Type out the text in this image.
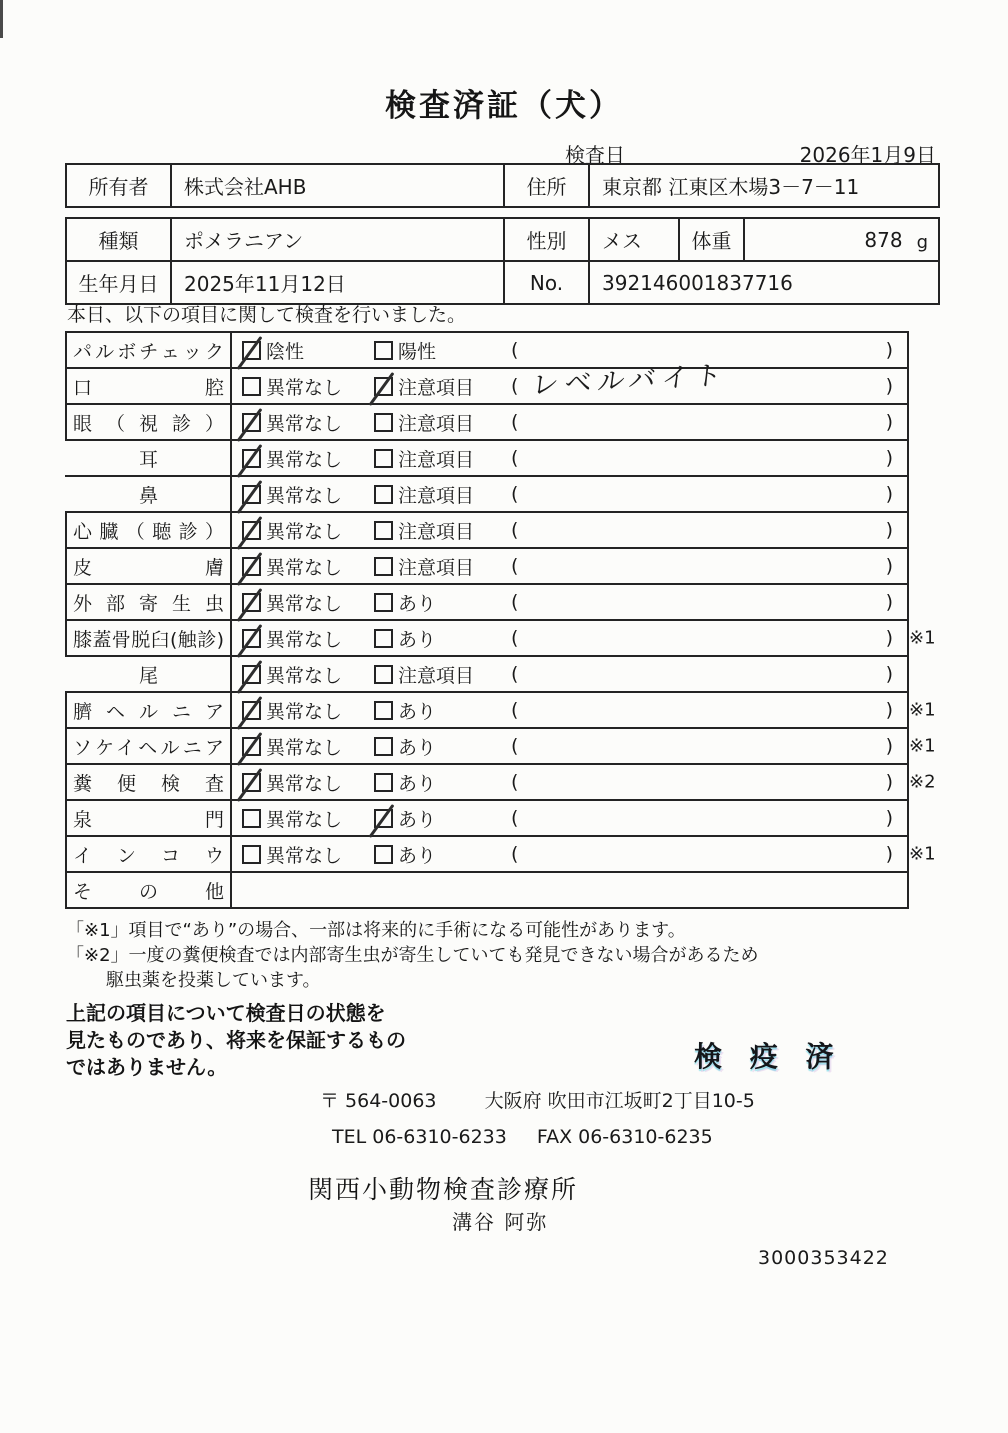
検査済証（犬）
検査日	2026年1月9日
所有者	株式会社AHB	住所	東京都 江東区木場3－7－11
種類	ポメラニアン	性別	メス	体重	878 g
生年月日	2025年11月12日	No.	392146001837716
本日、以下の項目に関して検査を行いました。
パルボチェック 陰性	陽性	(	)
口腔 異常なし	注意項目 ( レベルバイト	)
眼（視診） 異常なし	注意項目 (	)
耳	異常なし	注意項目 (	)
鼻	異常なし	注意項目 (	)
心臓（聴診） 異常なし	注意項目 (	)
皮膚 異常なし	注意項目 (	)
外部寄生虫 異常なし	あり	(	)
膝蓋骨脱臼(触診) 異常なし	あり	(	) ※1
尾	異常なし	注意項目 (	)
臍ヘルニア 異常なし	あり	(	) ※1
ソケイヘルニア 異常なし	あり	(	) ※1
糞便検査 異常なし	あり	(	) ※2
泉門 異常なし	あり	(	)
インコウ 異常なし	あり	(	) ※1
その他
「※1」項目で“あり”の場合、一部は将来的に手術になる可能性があります。
「※2」一度の糞便検査では内部寄生虫が寄生していても発見できない場合があるため
駆虫薬を投薬しています。
上記の項目について検査日の状態を
見たものであり、将来を保証するもの
ではありません。	検 疫 済
〒 564-0063	大阪府 吹田市江坂町2丁目10-5
TEL 06-6310-6233 FAX 06-6310-6235
関西小動物検査診療所
溝谷 阿弥
3000353422
